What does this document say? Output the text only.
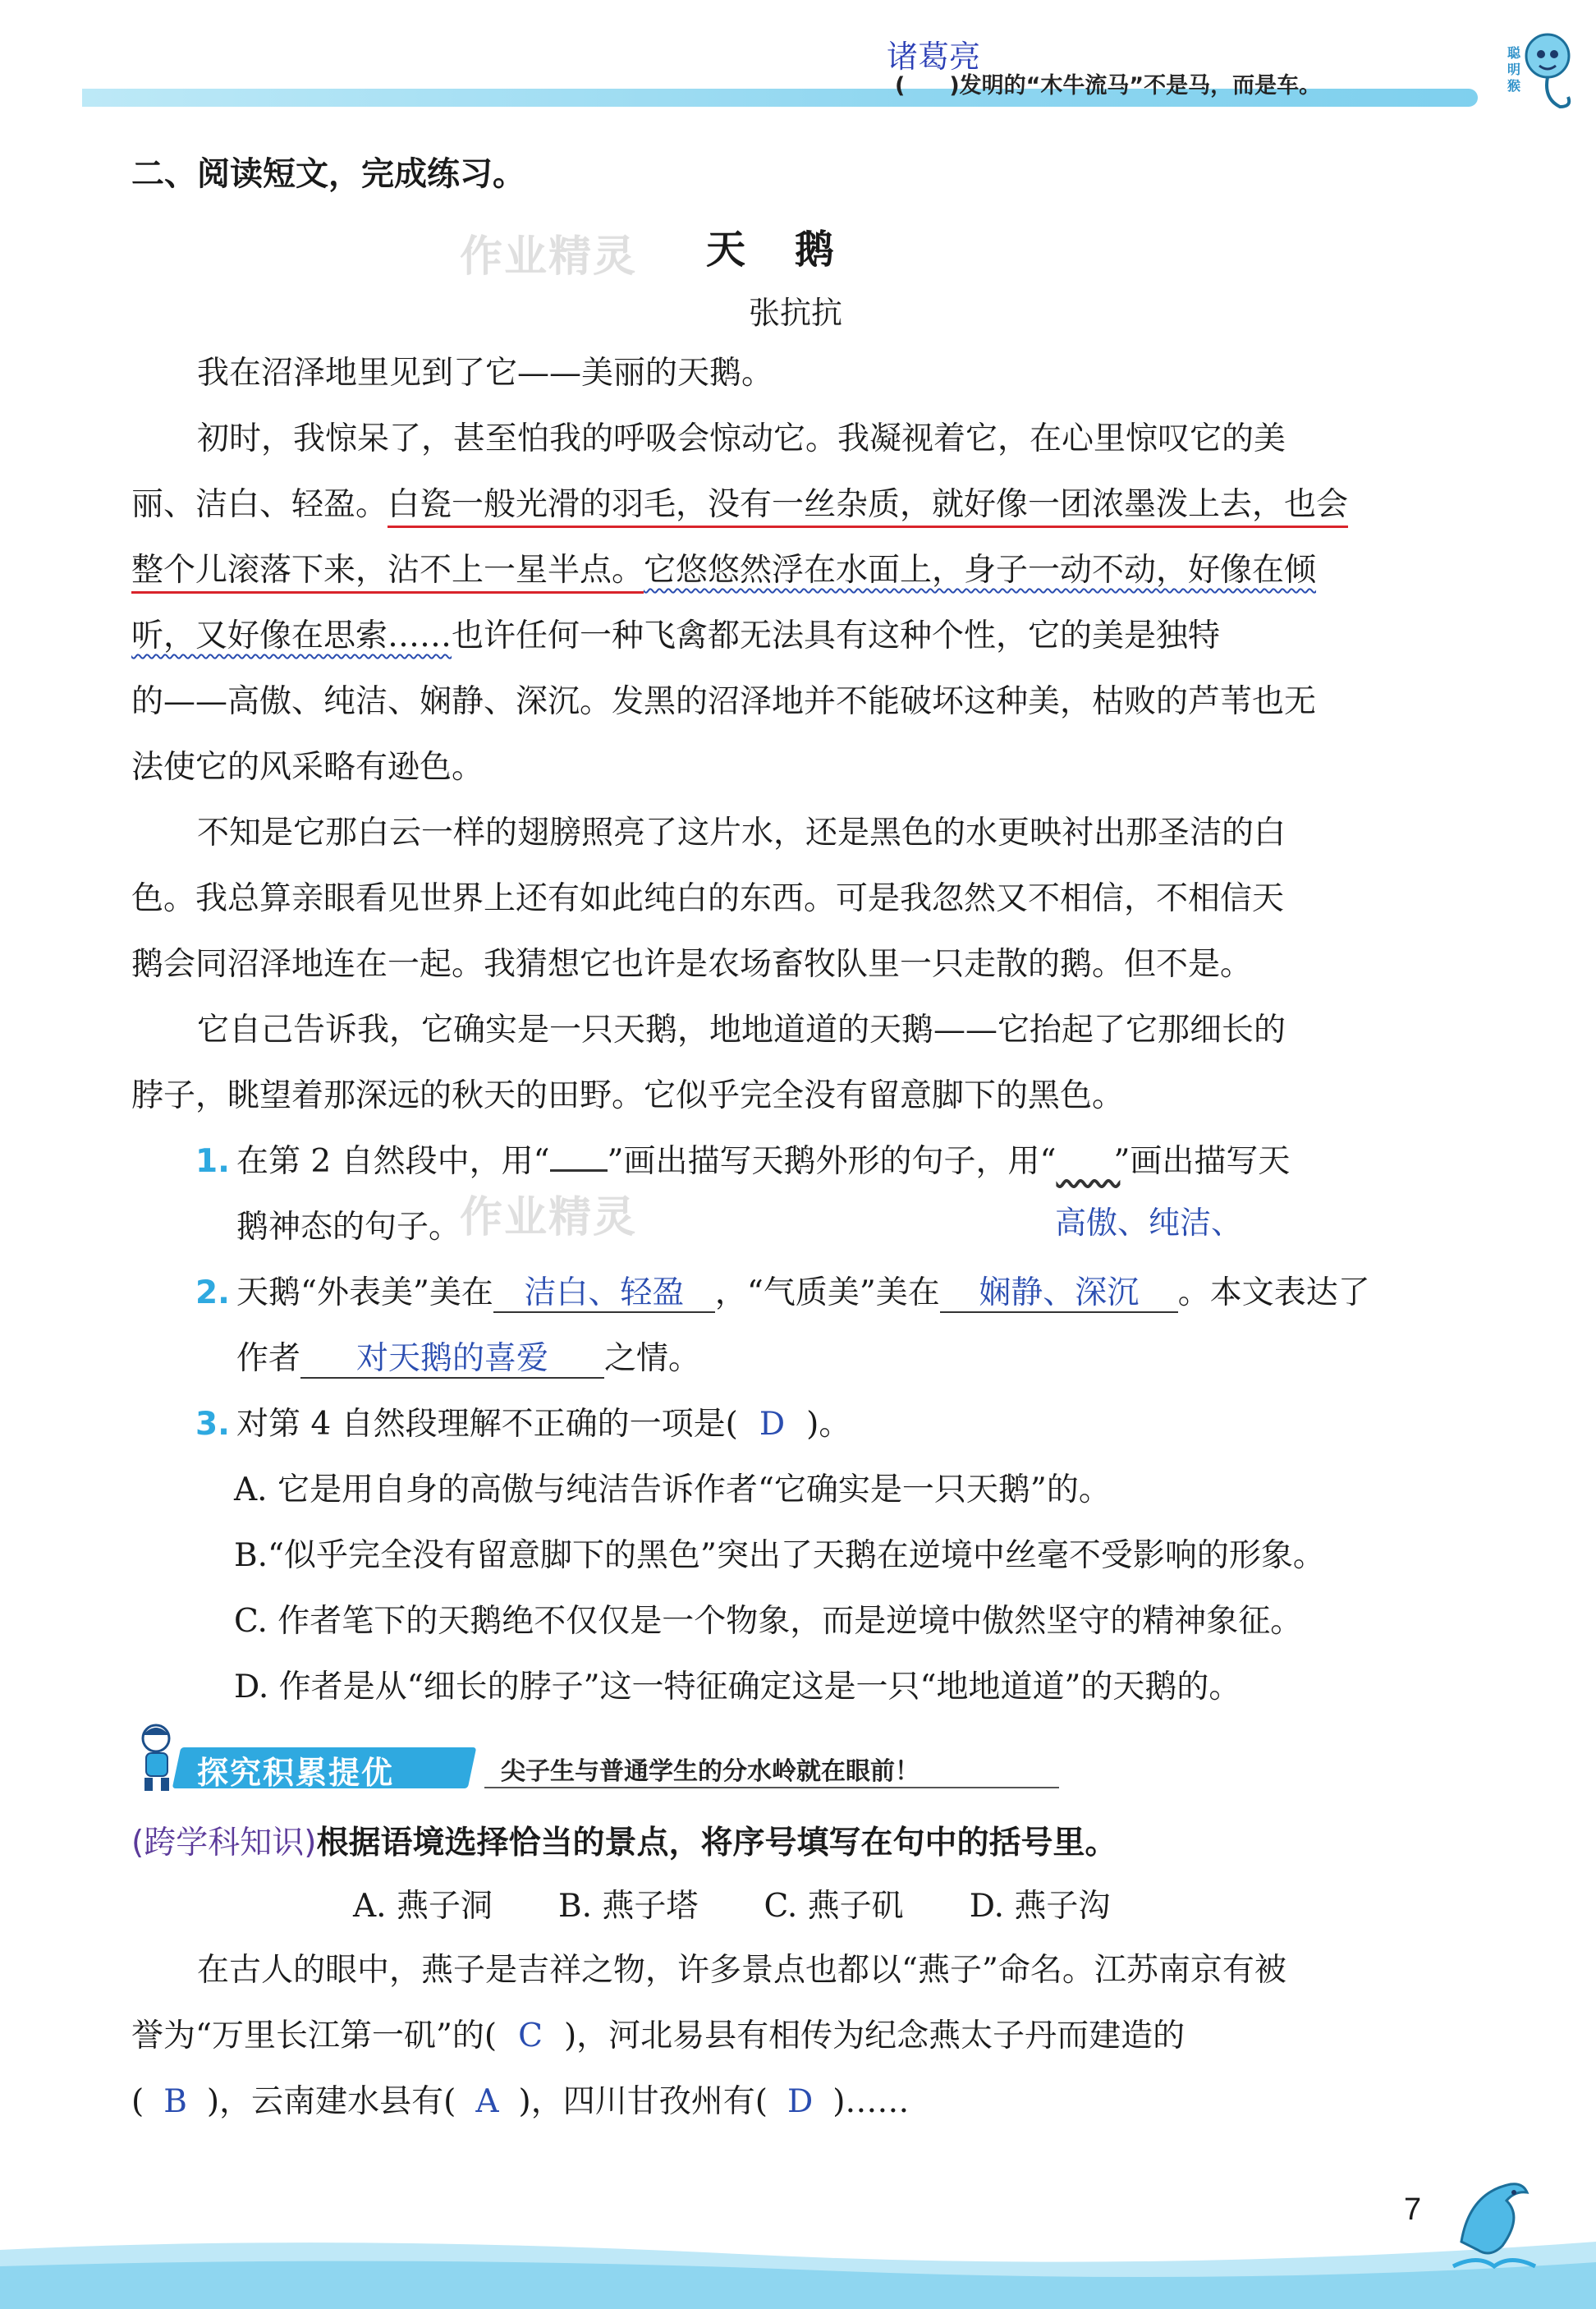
诸葛亮
(　　)发明的“木牛流马”不是马，而是车。
聪
明
猴
二、阅读短文，完成练习。
作业精灵
作业精灵
天鹅
张抗抗
我在沼泽地里见到了它——美丽的天鹅。
初时，我惊呆了，甚至怕我的呼吸会惊动它。我凝视着它，在心里惊叹它的美
丽、洁白、轻盈。白瓷一般光滑的羽毛，没有一丝杂质，就好像一团浓墨泼上去，也会
整个儿滚落下来，沾不上一星半点。它悠悠然浮在水面上，身子一动不动，好像在倾
听，又好像在思索……也许任何一种飞禽都无法具有这种个性，它的美是独特
的——高傲、纯洁、娴静、深沉。发黑的沼泽地并不能破坏这种美，枯败的芦苇也无
法使它的风采略有逊色。
不知是它那白云一样的翅膀照亮了这片水，还是黑色的水更映衬出那圣洁的白
色。我总算亲眼看见世界上还有如此纯白的东西。可是我忽然又不相信，不相信天
鹅会同沼泽地连在一起。我猜想它也许是农场畜牧队里一只走散的鹅。但不是。
它自己告诉我，它确实是一只天鹅，地地道道的天鹅——它抬起了它那细长的
脖子，眺望着那深远的秋天的田野。它似乎完全没有留意脚下的黑色。
1. 在第 2 自然段中，用“ ”画出描写天鹅外形的句子，用“     ”画出描写天
鹅神态的句子。	高傲、纯洁、
2. 天鹅“外表美”美在 洁白、轻盈 ，“气质美”美在 娴静、深沉 。本文表达了
作者 对天鹅的喜爱 之情。
3. 对第 4 自然段理解不正确的一项是( D )。
A. 它是用自身的高傲与纯洁告诉作者“它确实是一只天鹅”的。
B.“似乎完全没有留意脚下的黑色”突出了天鹅在逆境中丝毫不受影响的形象。
C. 作者笔下的天鹅绝不仅仅是一个物象，而是逆境中傲然坚守的精神象征。
D. 作者是从“细长的脖子”这一特征确定这是一只“地地道道”的天鹅的。
探究积累提优	尖子生与普通学生的分水岭就在眼前！
(跨学科知识)根据语境选择恰当的景点，将序号填写在句中的括号里。
A. 燕子洞 B. 燕子塔 C. 燕子矶 D. 燕子沟
在古人的眼中，燕子是吉祥之物，许多景点也都以“燕子”命名。江苏南京有被
誉为“万里长江第一矶”的( C )，河北易县有相传为纪念燕太子丹而建造的
( B )，云南建水县有( A )，四川甘孜州有( D )……
7
